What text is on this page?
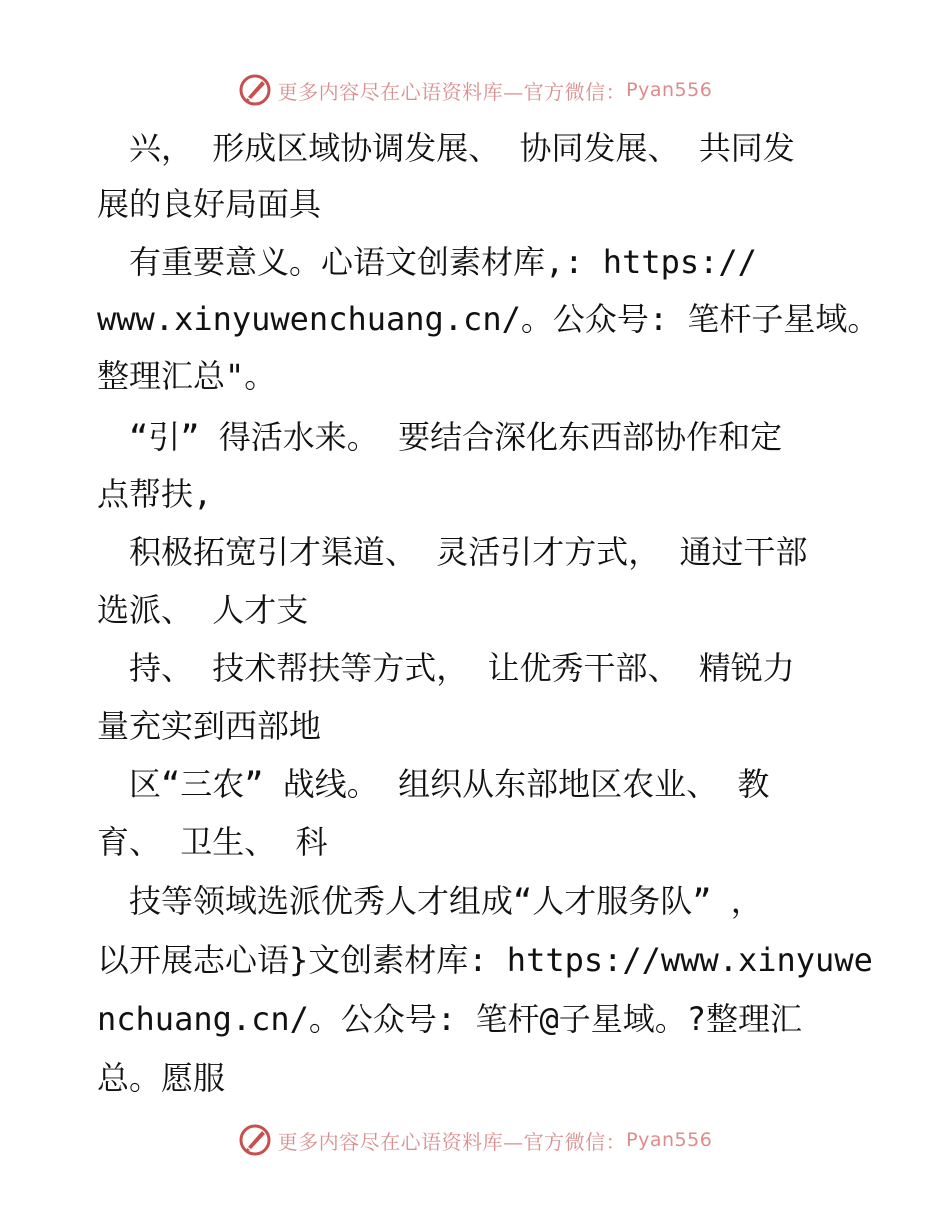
更多内容尽在心语资料库—官方微信： Pyan556
　兴， 形成区域协调发展、 协同发展、 共同发
展的良好局面具
　有重要意义。心语文创素材库,: https://
www.xinyuwenchuang.cn/。公众号: 笔杆子星域。
整理汇总"。
　“引” 得活水来。 要结合深化东西部协作和定
点帮扶,
　积极拓宽引才渠道、 灵活引才方式， 通过干部
选派、 人才支
　持、 技术帮扶等方式， 让优秀干部、 精锐力
量充实到西部地
　区“三农” 战线。 组织从东部地区农业、 教
育、 卫生、 科
　技等领域选派优秀人才组成“人才服务队” ，
以开展志心语}文创素材库: https://www.xinyuwe
nchuang.cn/。公众号: 笔杆@子星域。?整理汇
总。愿服
更多内容尽在心语资料库—官方微信： Pyan556
